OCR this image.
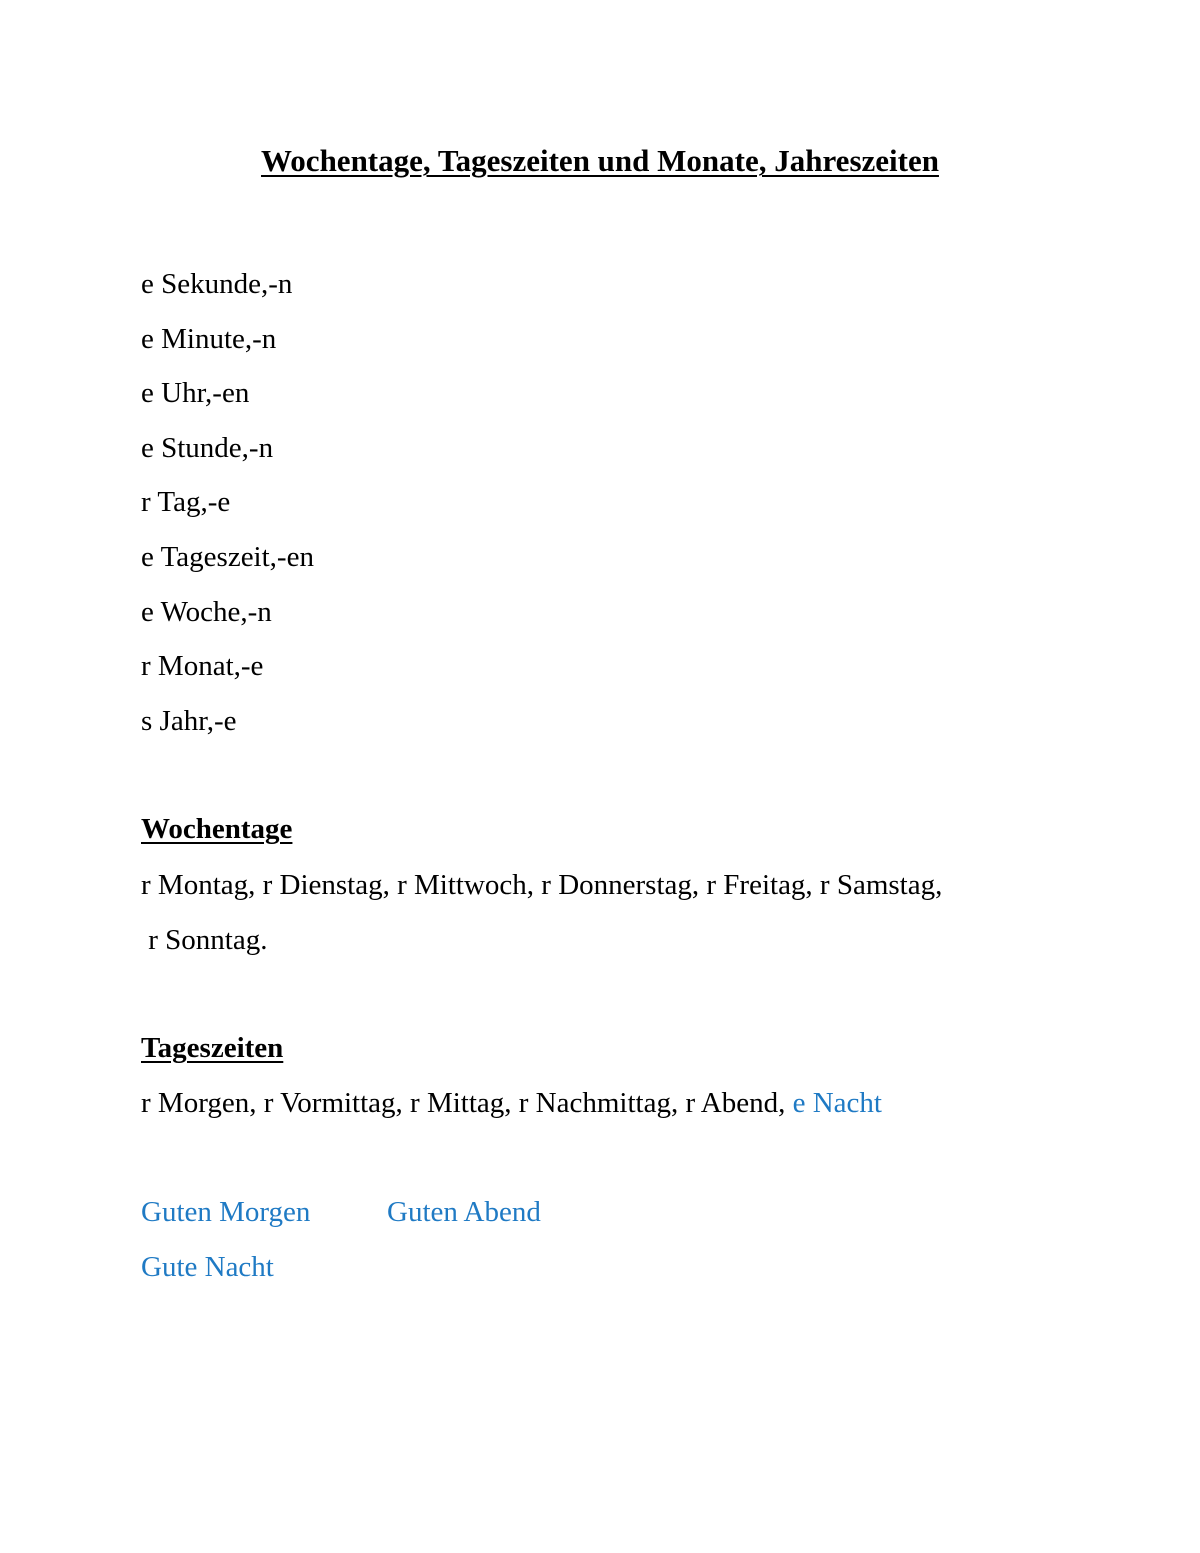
Wochentage, Tageszeiten und Monate, Jahreszeiten
e Sekunde,-n
e Minute,-n
e Uhr,-en
e Stunde,-n
r Tag,-e
e Tageszeit,-en
e Woche,-n
r Monat,-e
s Jahr,-e
Wochentage
r Montag, r Dienstag, r Mittwoch, r Donnerstag, r Freitag, r Samstag,
r Sonntag.
Tageszeiten
r Morgen, r Vormittag, r Mittag, r Nachmittag, r Abend, e Nacht
Guten Morgen	Guten Abend
Gute Nacht
